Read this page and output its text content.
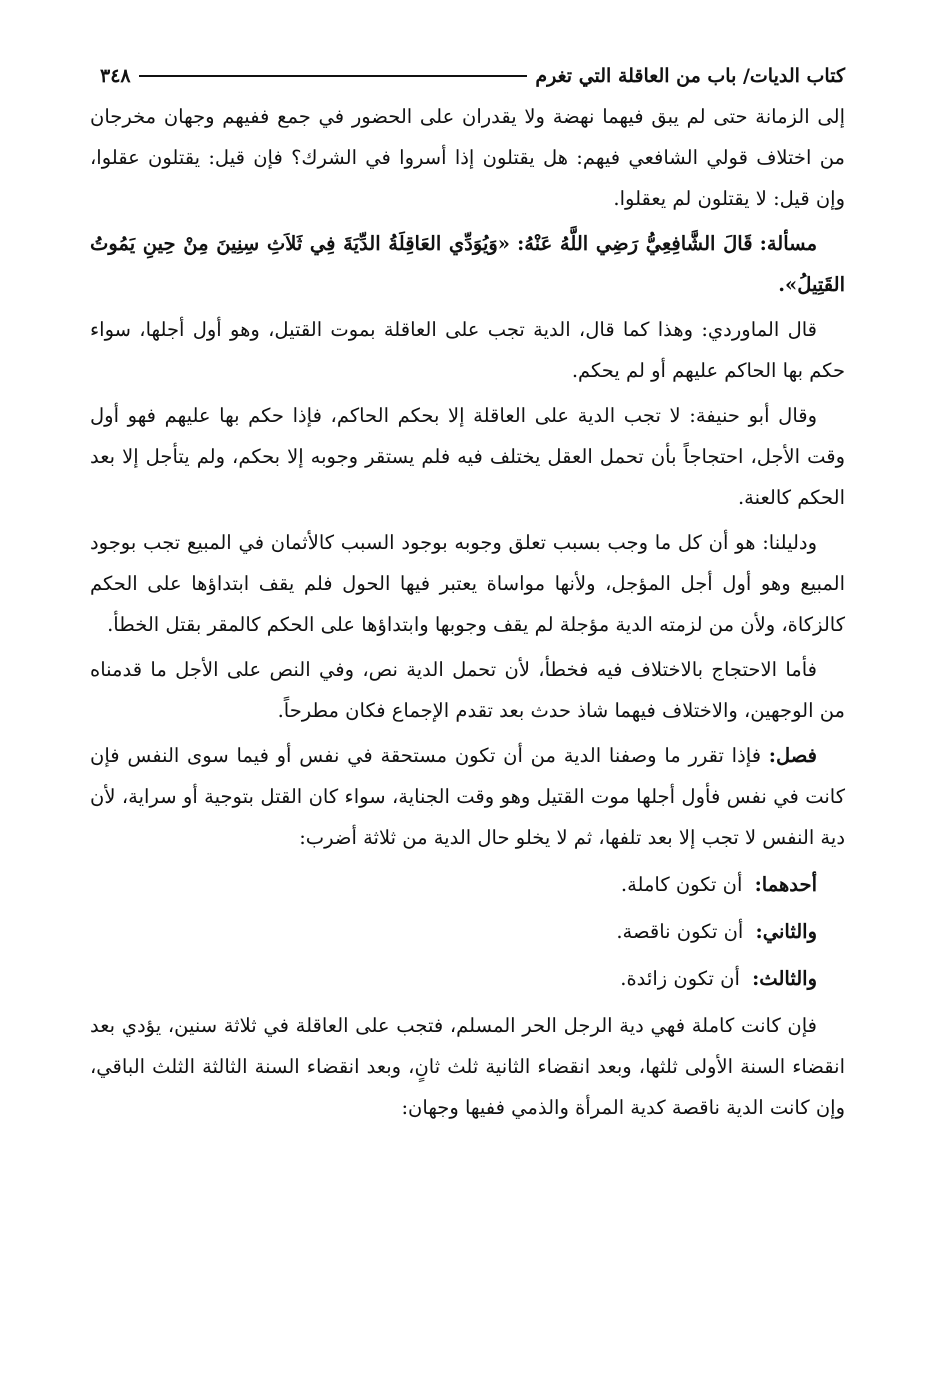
كتاب الديات/ باب من العاقلة التي تغرم
٣٤٨

إلى الزمانة حتى لم يبق فيهما نهضة ولا يقدران على الحضور في جمع ففيهم وجهان مخرجان من اختلاف قولي الشافعي فيهم: هل يقتلون إذا أسروا في الشرك؟ فإن قيل: يقتلون عقلوا، وإن قيل: لا يقتلون لم يعقلوا.

مسألة: قَالَ الشَّافِعِيُّ رَضِي اللَّهُ عَنْهُ: «وَيُوَدِّي العَاقِلَةُ الدِّيَةَ فِي ثَلاَثِ سِنِينَ مِنْ حِينِ يَمُوتُ القَتِيلُ».

قال الماوردي: وهذا كما قال، الدية تجب على العاقلة بموت القتيل، وهو أول أجلها، سواء حكم بها الحاكم عليهم أو لم يحكم.

وقال أبو حنيفة: لا تجب الدية على العاقلة إلا بحكم الحاكم، فإذا حكم بها عليهم فهو أول وقت الأجل، احتجاجاً بأن تحمل العقل يختلف فيه فلم يستقر وجوبه إلا بحكم، ولم يتأجل إلا بعد الحكم كالعنة.

ودليلنا: هو أن كل ما وجب بسبب تعلق وجوبه بوجود السبب كالأثمان في المبيع تجب بوجود المبيع وهو أول أجل المؤجل، ولأنها مواساة يعتبر فيها الحول فلم يقف ابتداؤها على الحكم كالزكاة، ولأن من لزمته الدية مؤجلة لم يقف وجوبها وابتداؤها على الحكم كالمقر بقتل الخطأ.

فأما الاحتجاج بالاختلاف فيه فخطأ، لأن تحمل الدية نص، وفي النص على الأجل ما قدمناه من الوجهين، والاختلاف فيهما شاذ حدث بعد تقدم الإجماع فكان مطرحاً.

فصل: فإذا تقرر ما وصفنا الدية من أن تكون مستحقة في نفس أو فيما سوى النفس فإن كانت في نفس فأول أجلها موت القتيل وهو وقت الجناية، سواء كان القتل بتوجية أو سراية، لأن دية النفس لا تجب إلا بعد تلفها، ثم لا يخلو حال الدية من ثلاثة أضرب:

أحدهما: أن تكون كاملة.

والثاني: أن تكون ناقصة.

والثالث: أن تكون زائدة.

فإن كانت كاملة فهي دية الرجل الحر المسلم، فتجب على العاقلة في ثلاثة سنين، يؤدي بعد انقضاء السنة الأولى ثلثها، وبعد انقضاء الثانية ثلث ثانٍ، وبعد انقضاء السنة الثالثة الثلث الباقي، وإن كانت الدية ناقصة كدية المرأة والذمي ففيها وجهان:
